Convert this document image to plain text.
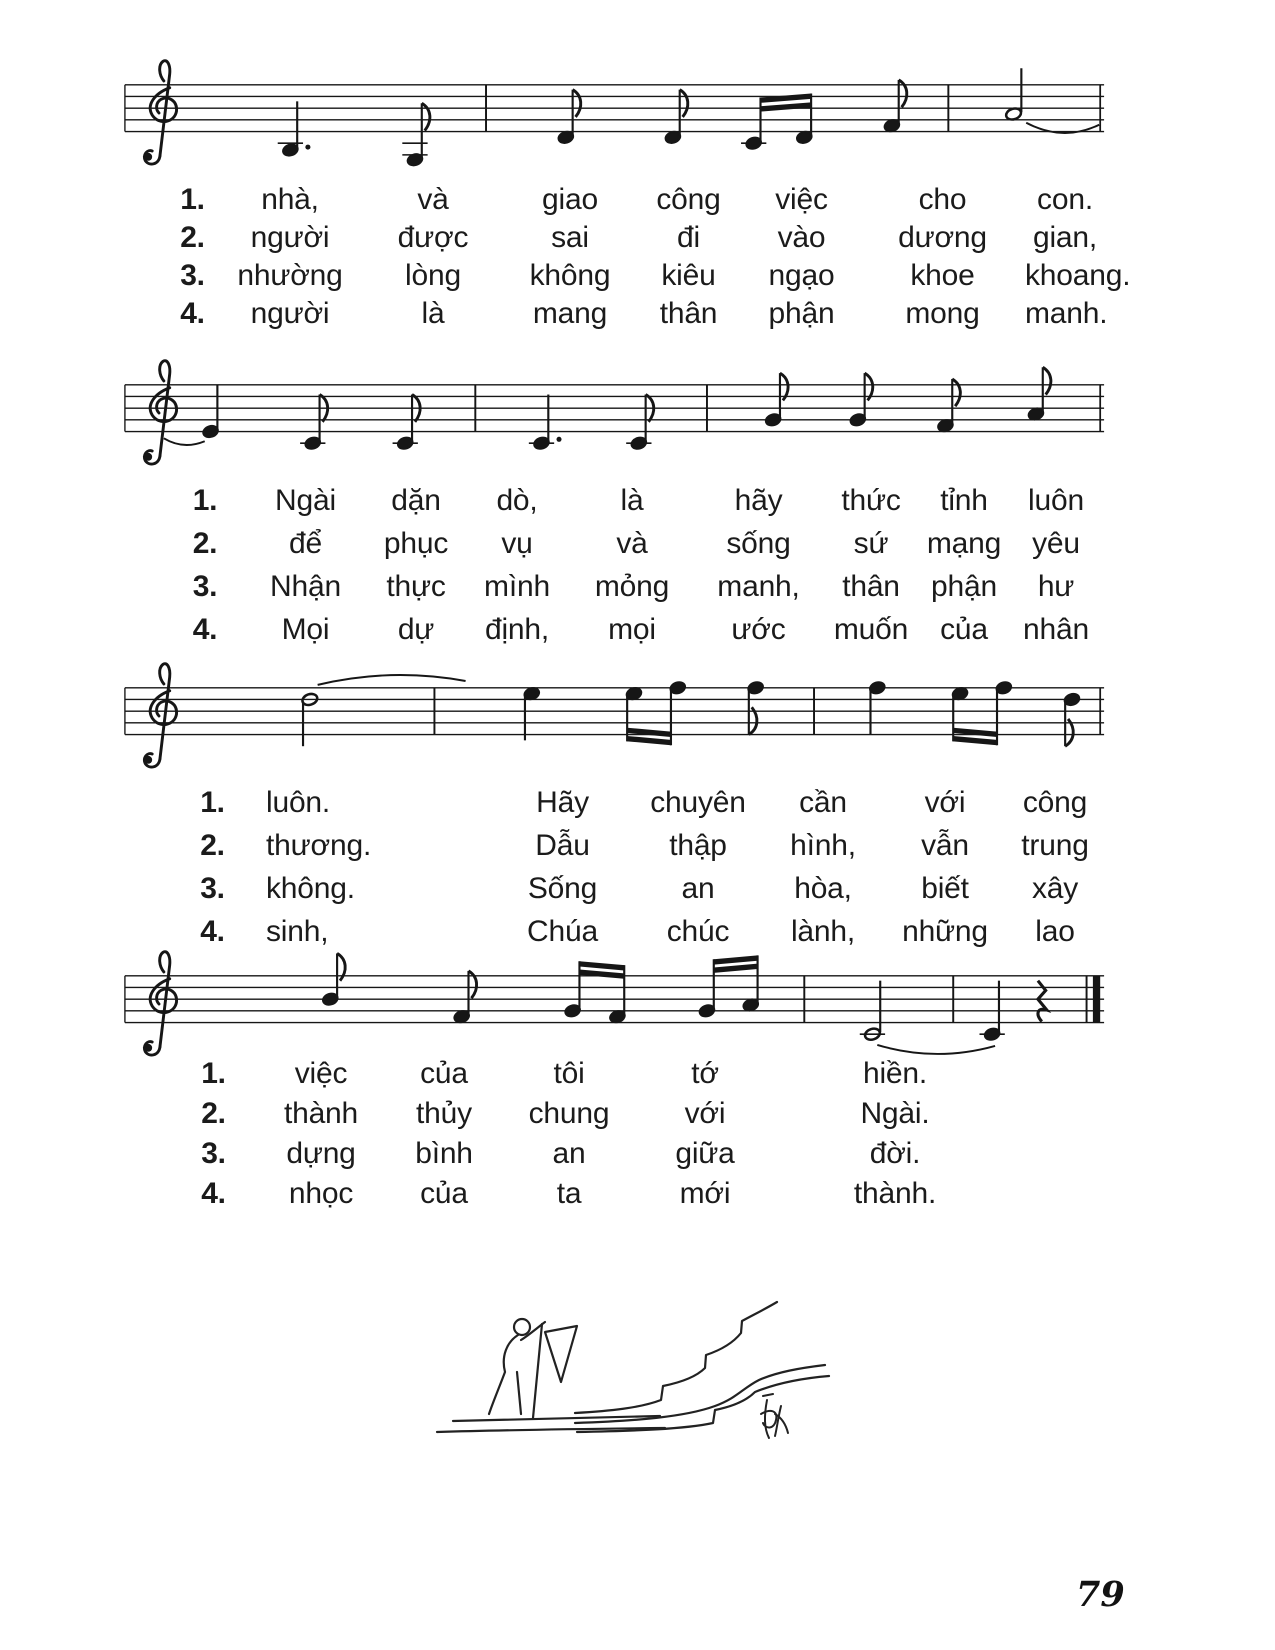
1.	nhà,	và	giao	công	việc	cho	con.
2.	người	được	sai	đi	vào	dương	gian,
3.	nhường	lòng	không	kiêu	ngạo	khoe	khoang.
4.	người	là	mang	thân	phận	mong	manh.
1.	Ngài	dặn	dò,	là	hãy	thức	tỉnh	luôn
2.	để	phục	vụ	và	sống	sứ	mạng	yêu
3.	Nhận	thực	mình	mỏng	manh,	thân	phận	hư
4.	Mọi	dự	định,	mọi	ước	muốn	của	nhân
1.	luôn.	Hãy	chuyên	cần	với	công
2.	thương.	Dẫu	thập	hình,	vẫn	trung
3.	không.	Sống	an	hòa,	biết	xây
4.	sinh,	Chúa	chúc	lành,	những	lao
1.	việc	của	tôi	tớ	hiền.
2.	thành	thủy	chung	với	Ngài.
3.	dựng	bình	an	giữa	đời.
4.	nhọc	của	ta	mới	thành.
79
